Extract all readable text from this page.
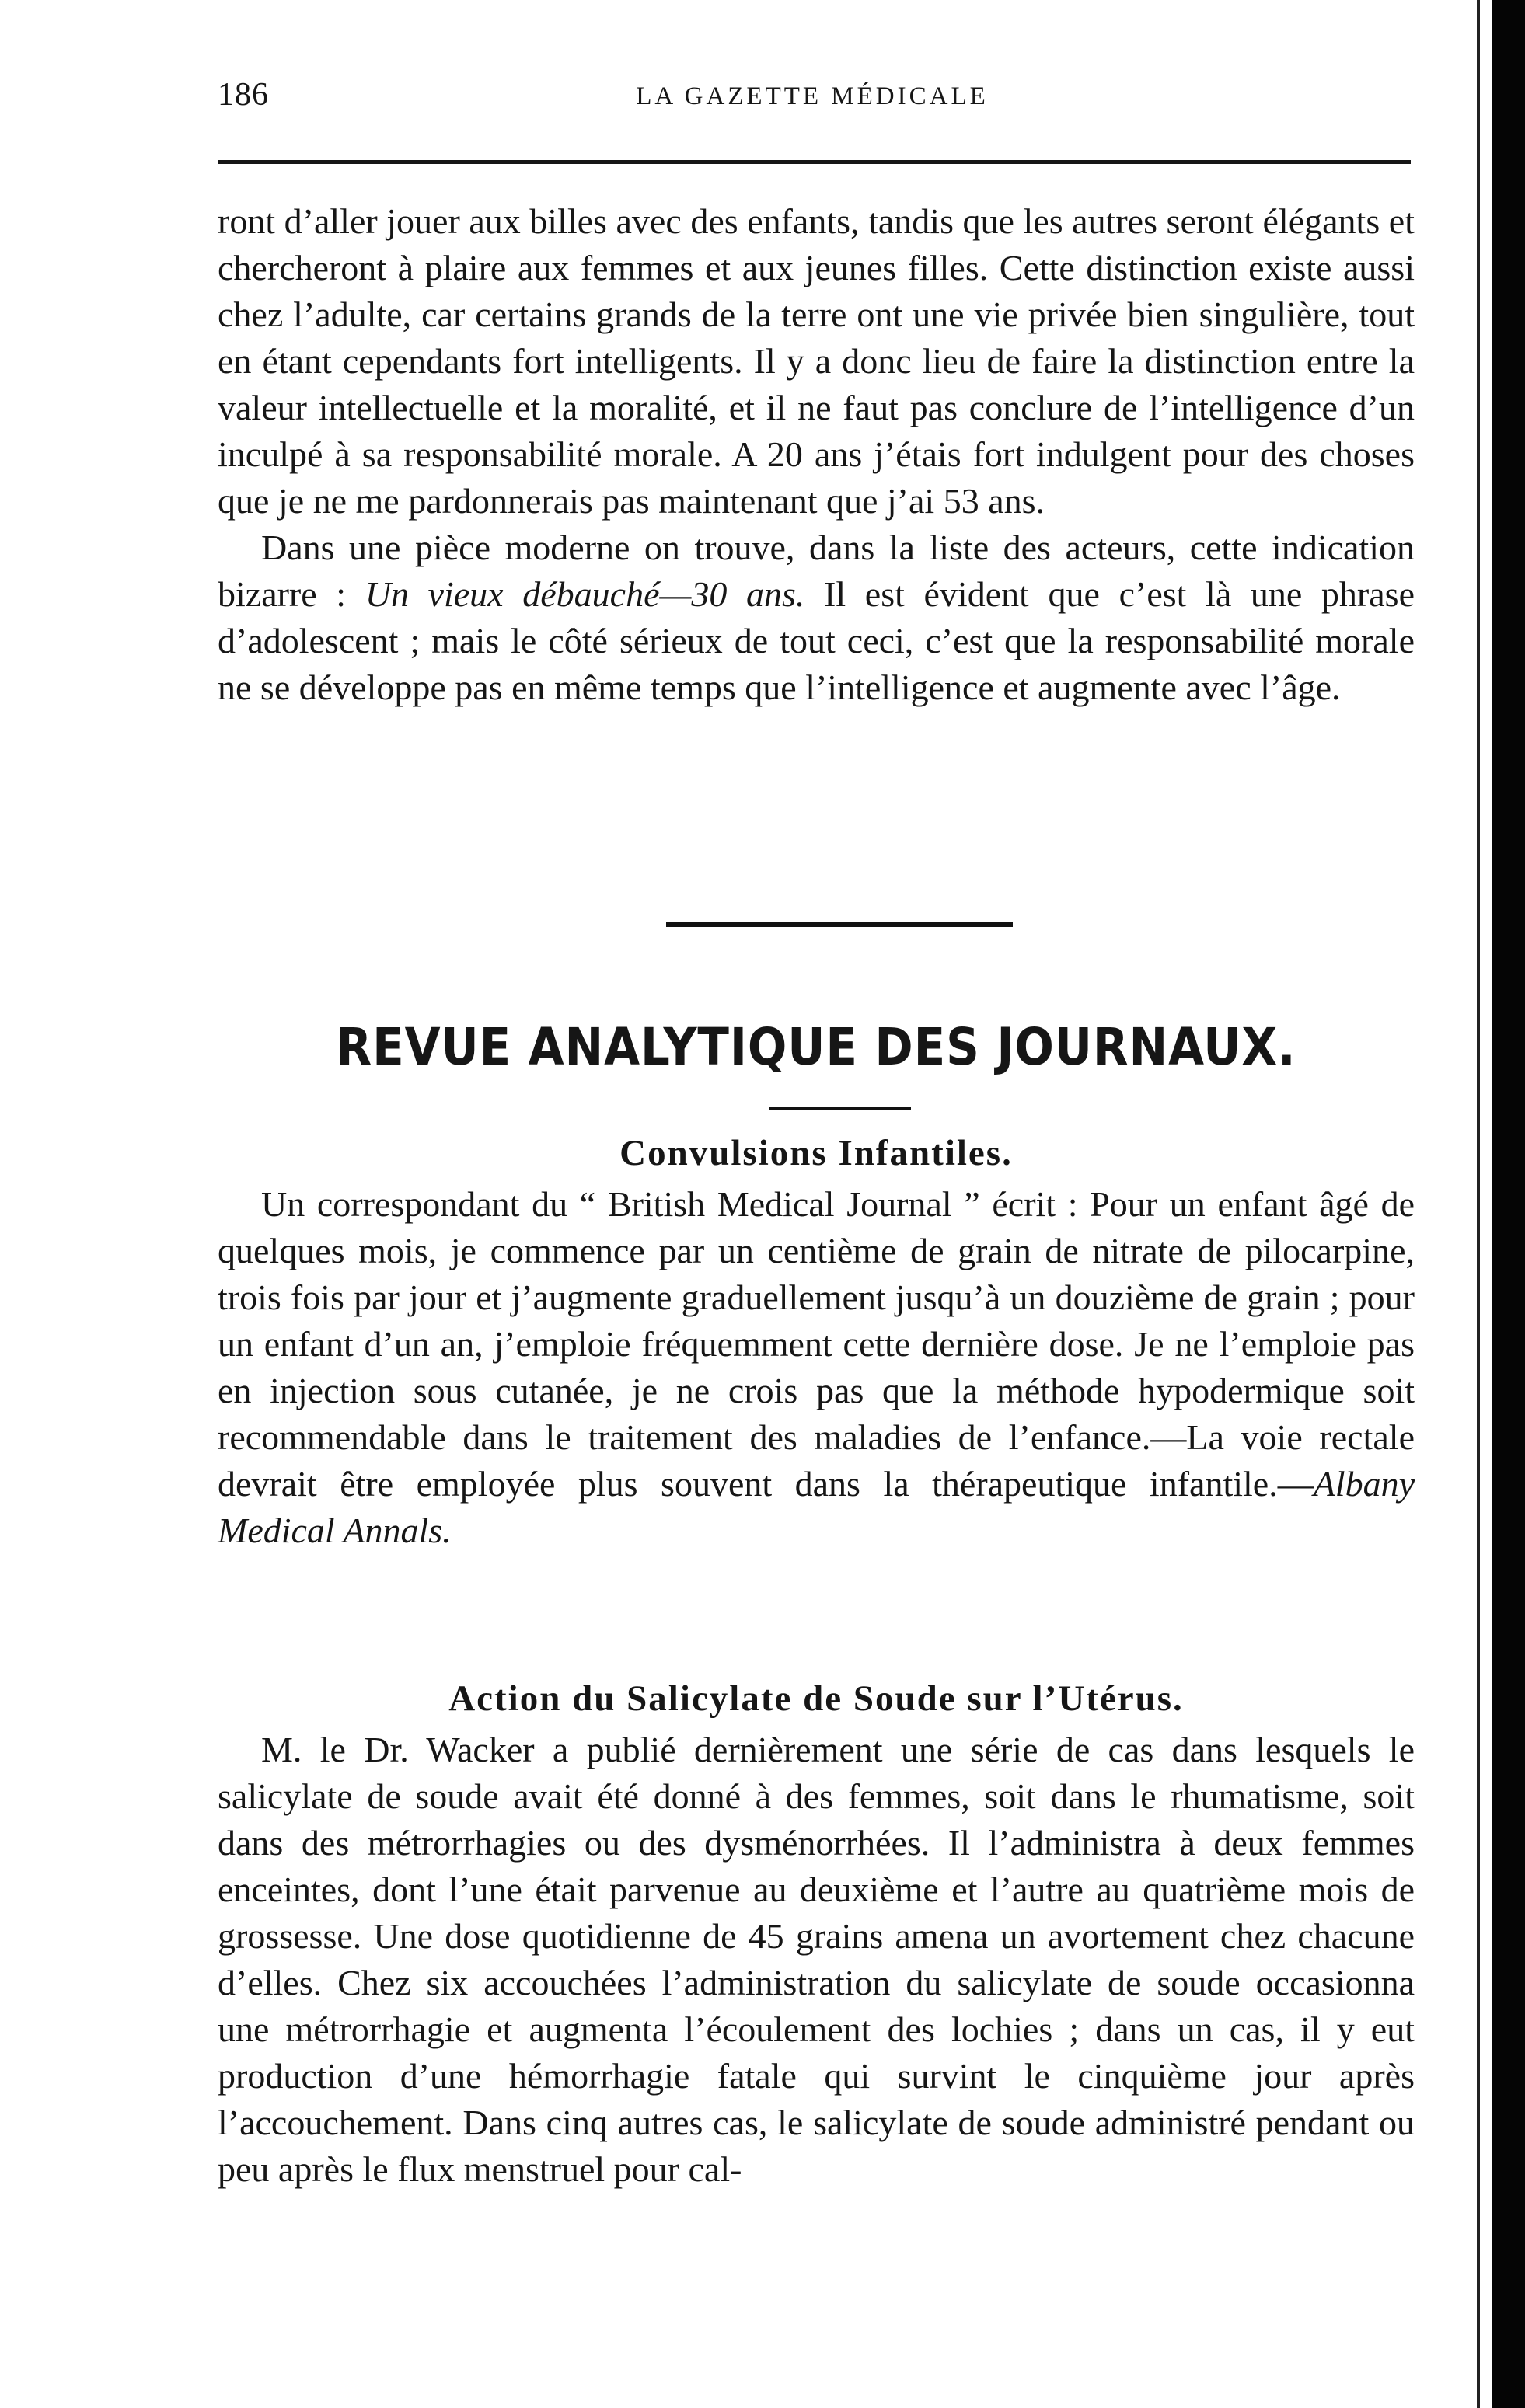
186	LA GAZETTE MÉDICALE

ront d’aller jouer aux billes avec des enfants, tandis que les autres seront élégants et chercheront à plaire aux femmes et aux jeunes filles. Cette distinction existe aussi chez l’adulte, car certains grands de la terre ont une vie privée bien singulière, tout en étant cependants fort intelligents. Il y a donc lieu de faire la distinction entre la valeur intellectuelle et la moralité, et il ne faut pas conclure de l’intelligence d’un inculpé à sa responsabilité morale. A 20 ans j’étais fort indulgent pour des choses que je ne me pardonnerais pas maintenant que j’ai 53 ans.

Dans une pièce moderne on trouve, dans la liste des acteurs, cette indication bizarre : Un vieux débauché—30 ans. Il est évident que c’est là une phrase d’adolescent ; mais le côté sérieux de tout ceci, c’est que la responsabilité morale ne se développe pas en même temps que l’intelligence et augmente avec l’âge.

REVUE ANALYTIQUE DES JOURNAUX.
Convulsions Infantiles.

Un correspondant du “ British Medical Journal ” écrit : Pour un enfant âgé de quelques mois, je commence par un centième de grain de nitrate de pilocarpine, trois fois par jour et j’augmente graduellement jusqu’à un douzième de grain ; pour un enfant d’un an, j’emploie fréquemment cette dernière dose. Je ne l’emploie pas en injection sous cutanée, je ne crois pas que la méthode hypodermique soit recommendable dans le traitement des maladies de l’enfance.—La voie rectale devrait être employée plus souvent dans la thérapeutique infantile.—Albany Medical Annals.

Action du Salicylate de Soude sur l’Utérus.

M. le Dr. Wacker a publié dernièrement une série de cas dans lesquels le salicylate de soude avait été donné à des femmes, soit dans le rhumatisme, soit dans des métrorrhagies ou des dysménorrhées. Il l’administra à deux femmes enceintes, dont l’une était parvenue au deuxième et l’autre au quatrième mois de grossesse. Une dose quotidienne de 45 grains amena un avortement chez chacune d’elles. Chez six accouchées l’administration du salicylate de soude occasionna une métrorrhagie et augmenta l’écoulement des lochies ; dans un cas, il y eut production d’une hémorrhagie fatale qui survint le cinquième jour après l’accouchement. Dans cinq autres cas, le salicylate de soude administré pendant ou peu après le flux menstruel pour cal-
